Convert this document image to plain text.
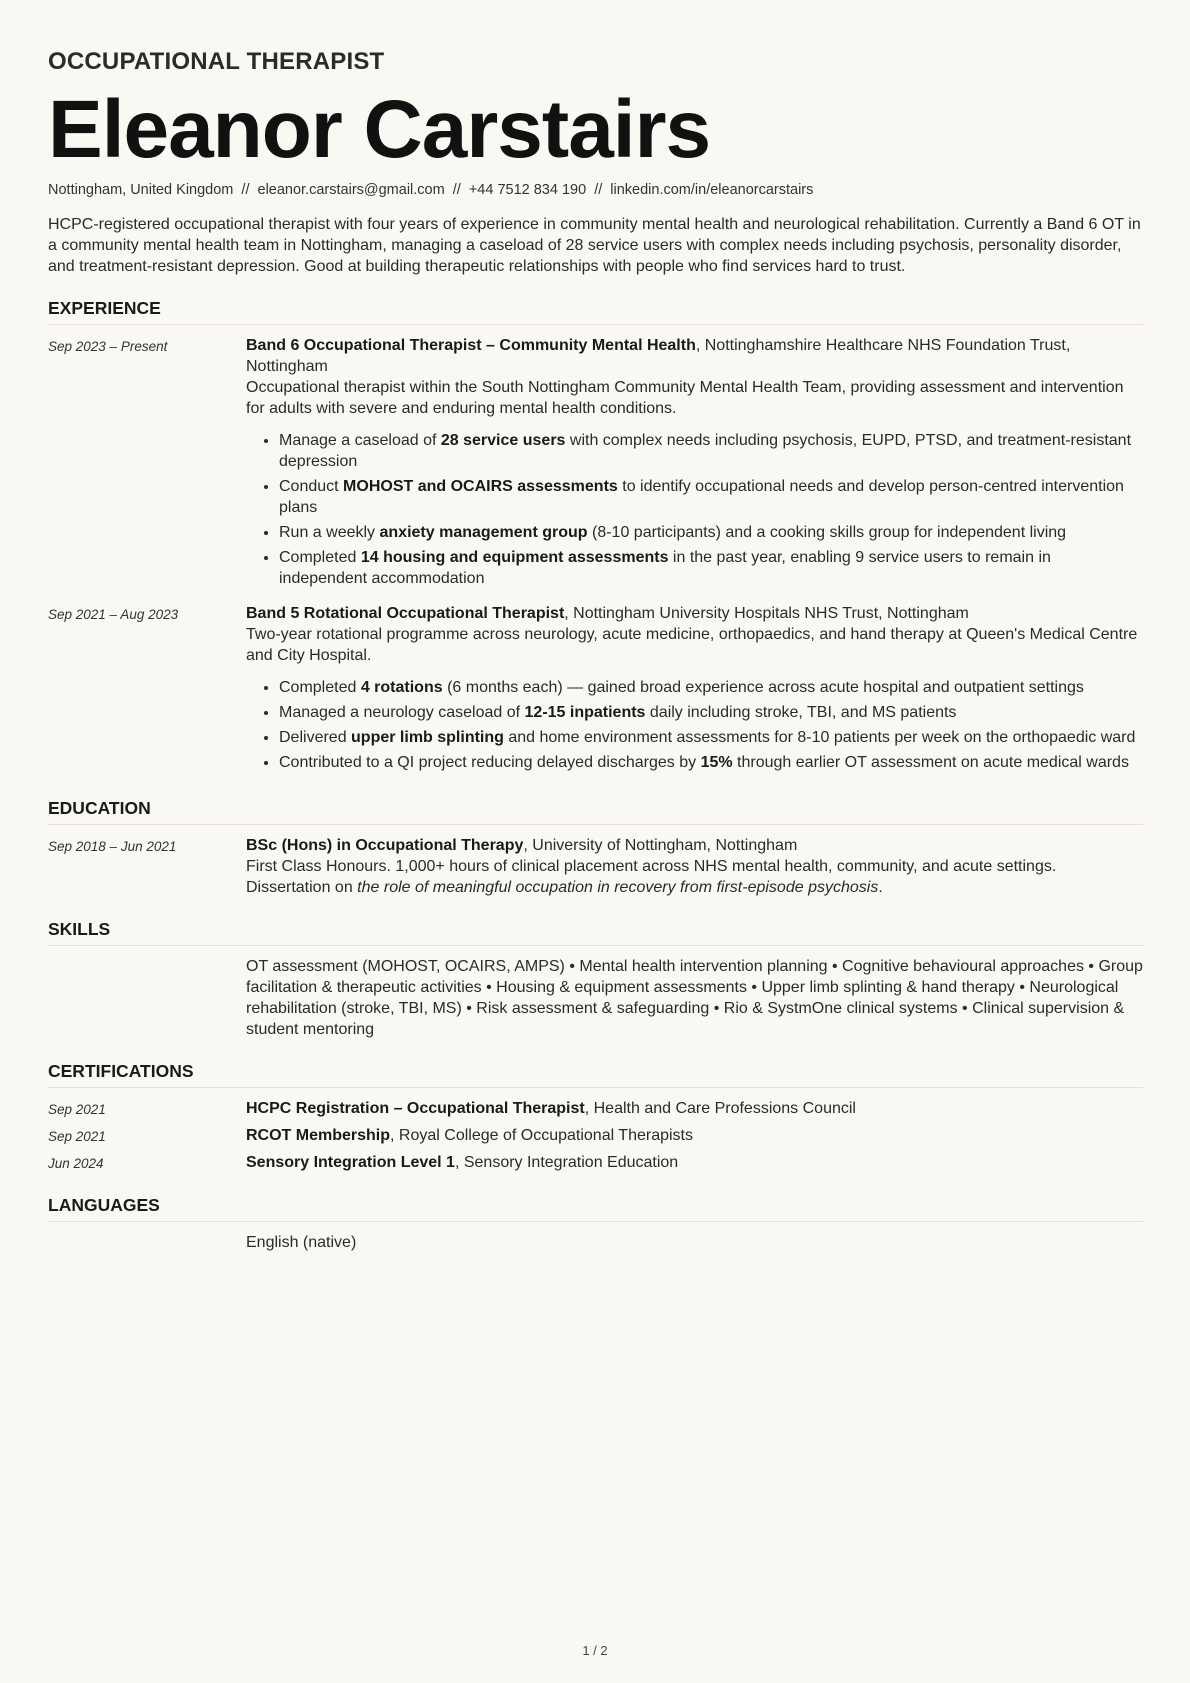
OCCUPATIONAL THERAPIST
Eleanor Carstairs
Nottingham, United Kingdom // eleanor.carstairs@gmail.com // +44 7512 834 190 // linkedin.com/in/eleanorcarstairs
HCPC-registered occupational therapist with four years of experience in community mental health and neurological rehabilitation. Currently a Band 6 OT in a community mental health team in Nottingham, managing a caseload of 28 service users with complex needs including psychosis, personality disorder, and treatment-resistant depression. Good at building therapeutic relationships with people who find services hard to trust.
EXPERIENCE
Sep 2023 – Present	Band 6 Occupational Therapist – Community Mental Health, Nottinghamshire Healthcare NHS Foundation Trust, Nottingham
Occupational therapist within the South Nottingham Community Mental Health Team, providing assessment and intervention for adults with severe and enduring mental health conditions.
• Manage a caseload of 28 service users with complex needs including psychosis, EUPD, PTSD, and treatment-resistant depression
• Conduct MOHOST and OCAIRS assessments to identify occupational needs and develop person-centred intervention plans
• Run a weekly anxiety management group (8-10 participants) and a cooking skills group for independent living
• Completed 14 housing and equipment assessments in the past year, enabling 9 service users to remain in independent accommodation
Sep 2021 – Aug 2023	Band 5 Rotational Occupational Therapist, Nottingham University Hospitals NHS Trust, Nottingham
Two-year rotational programme across neurology, acute medicine, orthopaedics, and hand therapy at Queen's Medical Centre and City Hospital.
• Completed 4 rotations (6 months each) — gained broad experience across acute hospital and outpatient settings
• Managed a neurology caseload of 12-15 inpatients daily including stroke, TBI, and MS patients
• Delivered upper limb splinting and home environment assessments for 8-10 patients per week on the orthopaedic ward
• Contributed to a QI project reducing delayed discharges by 15% through earlier OT assessment on acute medical wards
EDUCATION
Sep 2018 – Jun 2021	BSc (Hons) in Occupational Therapy, University of Nottingham, Nottingham
First Class Honours. 1,000+ hours of clinical placement across NHS mental health, community, and acute settings. Dissertation on the role of meaningful occupation in recovery from first-episode psychosis.
SKILLS
OT assessment (MOHOST, OCAIRS, AMPS) • Mental health intervention planning • Cognitive behavioural approaches • Group facilitation & therapeutic activities • Housing & equipment assessments • Upper limb splinting & hand therapy • Neurological rehabilitation (stroke, TBI, MS) • Risk assessment & safeguarding • Rio & SystmOne clinical systems • Clinical supervision & student mentoring
CERTIFICATIONS
Sep 2021	HCPC Registration – Occupational Therapist, Health and Care Professions Council
Sep 2021	RCOT Membership, Royal College of Occupational Therapists
Jun 2024	Sensory Integration Level 1, Sensory Integration Education
LANGUAGES
English (native)
1 / 2
